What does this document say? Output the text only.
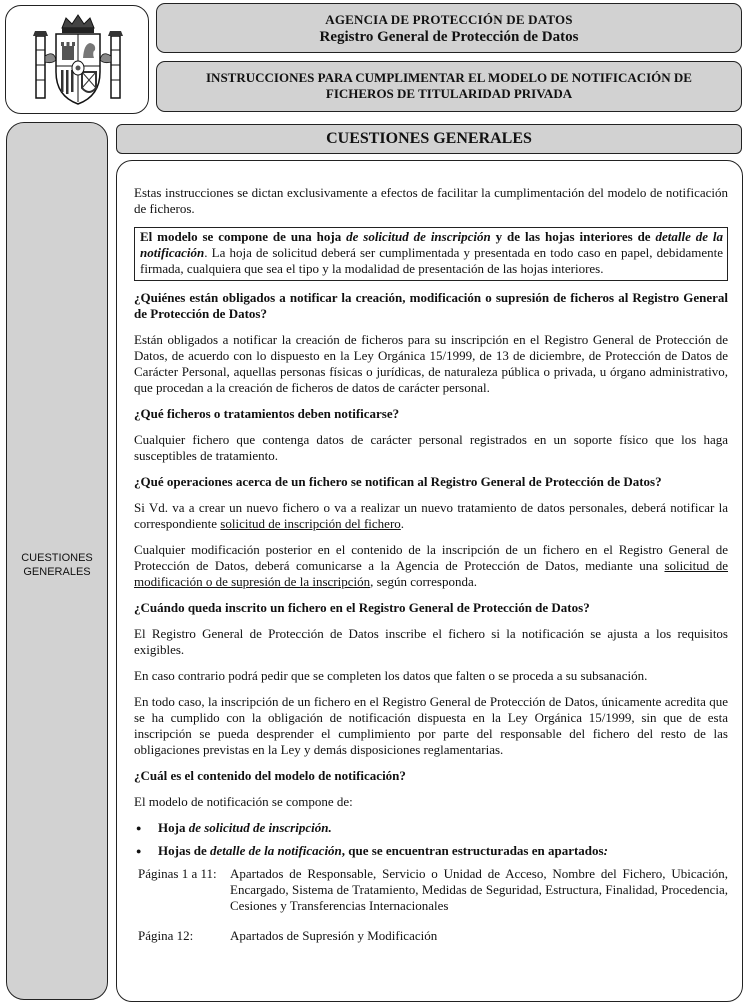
AGENCIA DE PROTECCIÓN DE DATOS
Registro General de Protección de Datos
INSTRUCCIONES PARA CUMPLIMENTAR EL MODELO DE NOTIFICACIÓN DE FICHEROS DE TITULARIDAD PRIVADA
CUESTIONES
GENERALES
CUESTIONES GENERALES

Estas instrucciones se dictan exclusivamente a efectos de facilitar la cumplimentación del modelo de notificación de ficheros.

El modelo se compone de una hoja de solicitud de inscripción y de las hojas interiores de detalle de la notificación. La hoja de solicitud deberá ser cumplimentada y presentada en todo caso en papel, debidamente firmada, cualquiera que sea el tipo y la modalidad de presentación de las hojas interiores.

¿Quiénes están obligados a notificar la creación, modificación o supresión de ficheros al Registro General de Protección de Datos?

Están obligados a notificar la creación de ficheros para su inscripción en el Registro General de Protección de Datos, de acuerdo con lo dispuesto en la Ley Orgánica 15/1999, de 13 de diciembre, de Protección de Datos de Carácter Personal, aquellas personas físicas o jurídicas, de naturaleza pública o privada, u órgano administrativo, que procedan a la creación de ficheros de datos de carácter personal.

¿Qué ficheros o tratamientos deben notificarse?

Cualquier fichero que contenga datos de carácter personal registrados en un soporte físico que los haga susceptibles de tratamiento.

¿Qué operaciones acerca de un fichero se notifican al Registro General de Protección de Datos?

Si Vd. va a crear un nuevo fichero o va a realizar un nuevo tratamiento de datos personales, deberá notificar la correspondiente solicitud de inscripción del fichero.

Cualquier modificación posterior en el contenido de la inscripción de un fichero en el Registro General de Protección de Datos, deberá comunicarse a la Agencia de Protección de Datos, mediante una solicitud de modificación o de supresión de la inscripción, según corresponda.

¿Cuándo queda inscrito un fichero en el Registro General de Protección de Datos?

El Registro General de Protección de Datos inscribe el fichero si la notificación se ajusta a los requisitos exigibles.

En caso contrario podrá pedir que se completen los datos que falten o se proceda a su subsanación.

En todo caso, la inscripción de un fichero en el Registro General de Protección de Datos, únicamente acredita que se ha cumplido con la obligación de notificación dispuesta en la Ley Orgánica 15/1999, sin que de esta inscripción se pueda desprender el cumplimiento por parte del responsable del fichero del resto de las obligaciones previstas en la Ley y demás disposiciones reglamentarias.

¿Cuál es el contenido del modelo de notificación?

El modelo de notificación se compone de:

● Hoja de solicitud de inscripción.
● Hojas de detalle de la notificación, que se encuentran estructuradas en apartados:
Páginas 1 a 11:	Apartados de Responsable, Servicio o Unidad de Acceso, Nombre del Fichero, Ubicación, Encargado, Sistema de Tratamiento, Medidas de Seguridad, Estructura, Finalidad, Procedencia, Cesiones y Transferencias Internacionales
Página 12:	Apartados de Supresión y Modificación
